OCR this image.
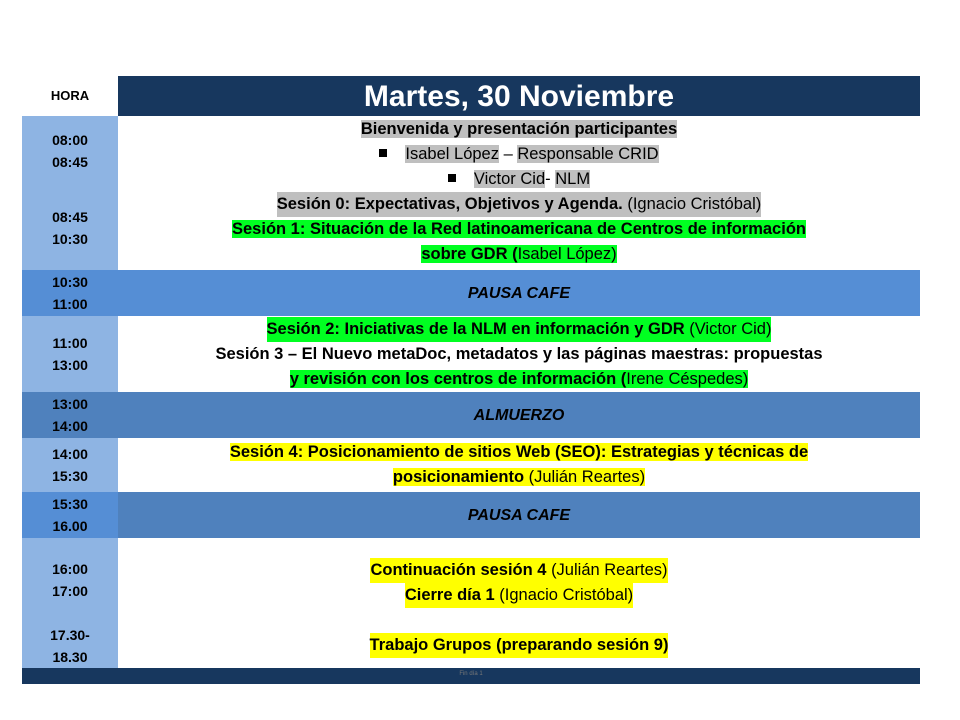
HORA	Martes, 30 Noviembre
08:00
08:45
Bienvenida y presentación participantes
Isabel López – Responsable CRID
Victor Cid- NLM
08:45
10:30
Sesión 0: Expectativas, Objetivos y Agenda. (Ignacio Cristóbal)
Sesión 1: Situación de la Red latinoamericana de Centros de información
sobre GDR (Isabel López)
10:30
11:00
PAUSA CAFE
11:00
13:00
Sesión 2: Iniciativas de la NLM en información y GDR (Victor Cid)
Sesión 3 – El Nuevo metaDoc, metadatos y las páginas maestras: propuestas
y revisión con los centros de información (Irene Céspedes)
13:00
14:00
ALMUERZO
14:00
15:30
Sesión 4: Posicionamiento de sitios Web (SEO): Estrategias y técnicas de
posicionamiento (Julián Reartes)
15:30
16.00
PAUSA CAFE
16:00
17:00
17.30-
18.30
Continuación sesión 4 (Julián Reartes)
Cierre día 1 (Ignacio Cristóbal)
Trabajo Grupos (preparando sesión 9)
Fin día 1
